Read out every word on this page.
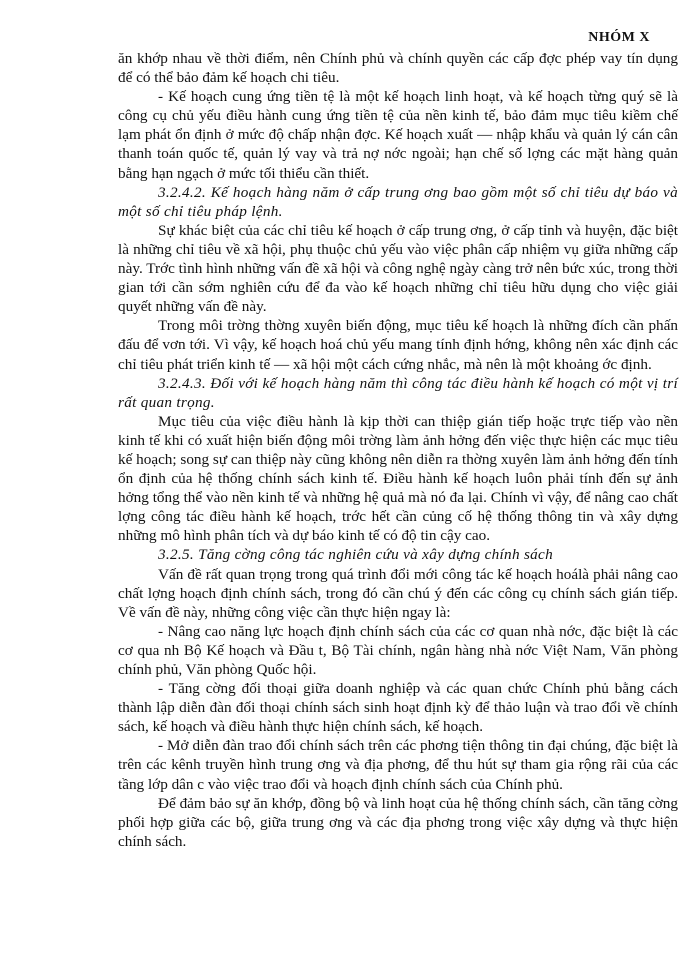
NHÓM X

ăn khớp nhau về thời điểm, nên Chính phủ và chính quyền các cấp đợc phép vay tín dụng để có thể bảo đảm kế hoạch chi tiêu.

- Kế hoạch cung ứng tiền tệ là một kế hoạch linh hoạt, và kế hoạch từng quý sẽ là công cụ chủ yếu điều hành cung ứng tiền tệ của nền kinh tế, bảo đảm mục tiêu kiềm chế lạm phát ổn định ở mức độ chấp nhận đợc. Kế hoạch xuất — nhập khẩu và quản lý cán cân thanh toán quốc tế, quản lý vay và trả nợ nớc ngoài; hạn chế số lợng các mặt hàng quản bằng hạn ngạch ở mức tối thiểu cần thiết.

3.2.4.2. Kế hoạch hàng năm ở cấp trung ơng bao gồm một số chỉ tiêu dự báo và một số chỉ tiêu pháp lệnh.

Sự khác biệt của các chỉ tiêu kế hoạch ở cấp trung ơng, ở cấp tỉnh và huyện, đặc biệt là những chỉ tiêu về xã hội, phụ thuộc chủ yếu vào việc phân cấp nhiệm vụ giữa những cấp này. Trớc tình hình những vấn đề xã hội và công nghệ ngày càng trở nên bức xúc, trong thời gian tới cần sớm nghiên cứu để đa vào kế hoạch những chỉ tiêu hữu dụng cho việc giải quyết những vấn đề này.

Trong môi trờng thờng xuyên biến động, mục tiêu kế hoạch là những đích cần phấn đấu để vơn tới. Vì vậy, kế hoạch hoá chủ yếu mang tính định hớng, không nên xác định các chỉ tiêu phát triển kinh tế — xã hội một cách cứng nhắc, mà nên là một khoảng ớc định.

3.2.4.3. Đối với kế hoạch hàng năm thì công tác điều hành kế hoạch có một vị trí rất quan trọng.

Mục tiêu của việc điều hành là kịp thời can thiệp gián tiếp hoặc trực tiếp vào nền kinh tế khi có xuất hiện biến động môi trờng làm ảnh hởng đến việc thực hiện các mục tiêu kế hoạch; song sự can thiệp này cũng không nên diễn ra thờng xuyên làm ảnh hởng đến tính ổn định của hệ thống chính sách kinh tế. Điều hành kế hoạch luôn phải tính đến sự ảnh hởng tổng thể vào nền kinh tế và những hệ quả mà nó đa lại. Chính vì vậy, để nâng cao chất lợng công tác điều hành kế hoạch, trớc hết cần củng cố hệ thống thông tin và xây dựng những mô hình phân tích và dự báo kinh tế có độ tin cậy cao.

3.2.5. Tăng cờng công tác nghiên cứu và xây dựng chính sách

Vấn đề rất quan trọng trong quá trình đổi mới công tác kế hoạch hoálà phải nâng cao chất lợng hoạch định chính sách, trong đó cần chú ý đến các công cụ chính sách gián tiếp. Về vấn đề này, những công việc cần thực hiện ngay là:

- Nâng cao năng lực hoạch định chính sách của các cơ quan nhà nớc, đặc biệt là các cơ qua nh Bộ Kế hoạch và Đầu t, Bộ Tài chính, ngân hàng nhà nớc Việt Nam, Văn phòng chính phủ, Văn phòng Quốc hội.

- Tăng cờng đối thoại giữa doanh nghiệp và các quan chức Chính phủ bằng cách thành lập diễn đàn đối thoại chính sách sinh hoạt định kỳ để thảo luận và trao đổi về chính sách, kế hoạch và điều hành thực hiện chính sách, kế hoạch.

- Mở diễn đàn trao đổi chính sách trên các phơng tiện thông tin đại chúng, đặc biệt là trên các kênh truyền hình trung ơng và địa phơng, để thu hút sự tham gia rộng rãi của các tầng lớp dân c vào việc trao đổi và hoạch định chính sách của Chính phủ.

Để đảm bảo sự ăn khớp, đồng bộ và linh hoạt của hệ thống chính sách, cần tăng cờng phối hợp giữa các bộ, giữa trung ơng và các địa phơng trong việc xây dựng và thực hiện chính sách.
